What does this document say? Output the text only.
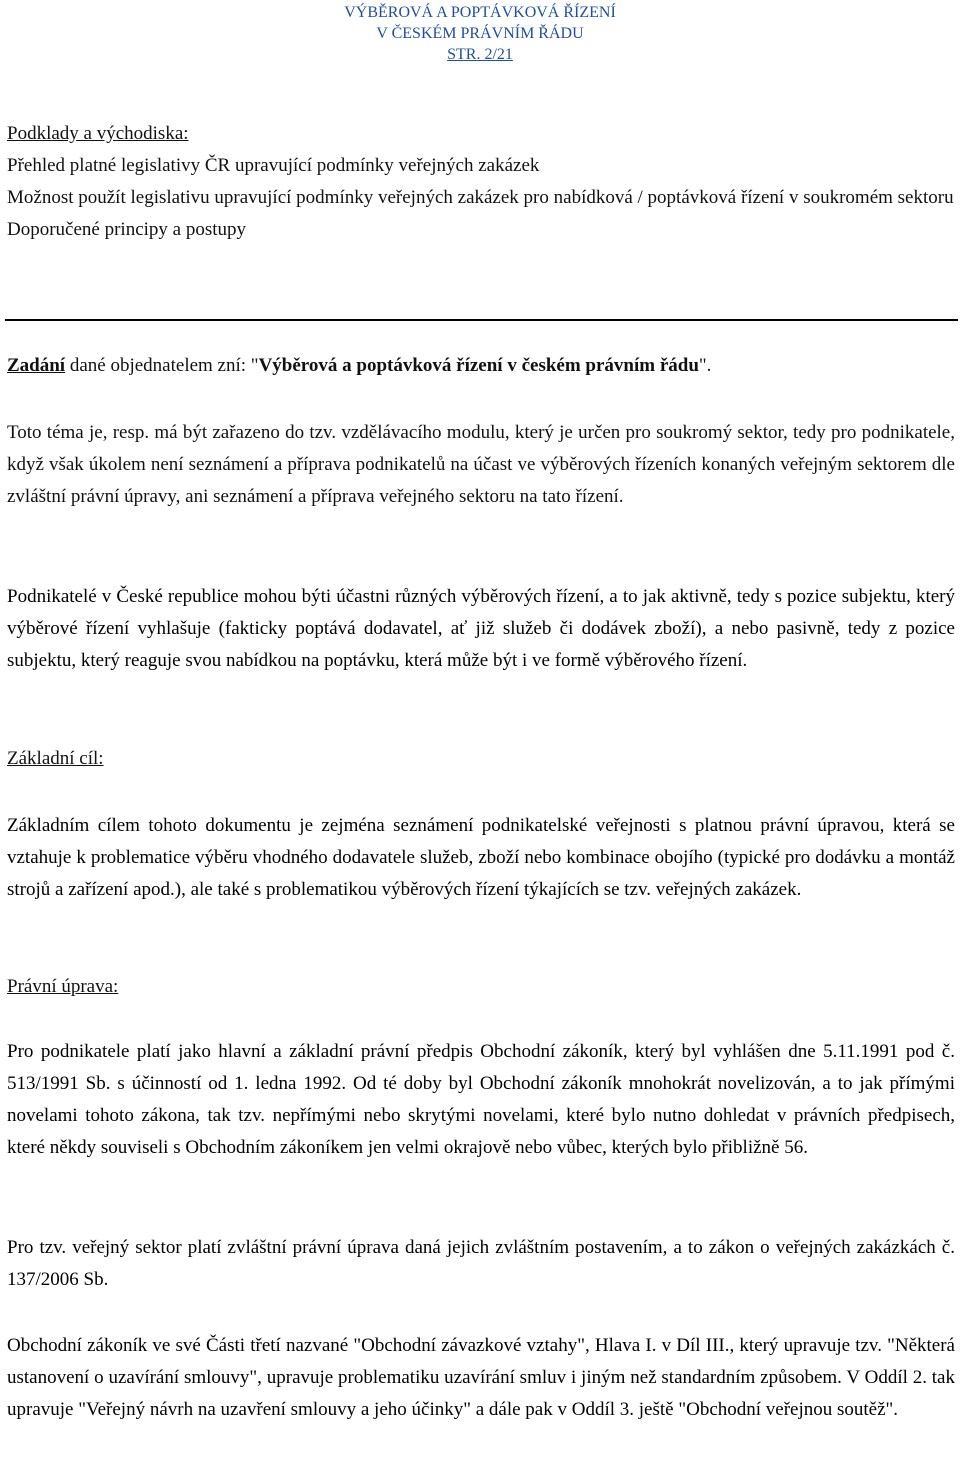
VÝBĚROVÁ A POPTÁVKOVÁ ŘÍZENÍ
V ČESKÉM PRÁVNÍM ŘÁDU
STR. 2/21
Podklady a východiska:
Přehled platné legislativy ČR upravující podmínky veřejných zakázek
Možnost použít legislativu upravující podmínky veřejných zakázek pro nabídková / poptávková řízení v soukromém sektoru
Doporučené principy a postupy
Zadání dané objednatelem zní: "Výběrová a poptávková řízení v českém právním řádu".

Toto téma je, resp. má být zařazeno do tzv. vzdělávacího modulu, který je určen pro soukromý sektor, tedy pro podnikatele, když však úkolem není seznámení a příprava podnikatelů na účast ve výběrových řízeních konaných veřejným sektorem dle zvláštní právní úpravy, ani seznámení a příprava veřejného sektoru na tato řízení.

Podnikatelé v České republice mohou býti účastni různých výběrových řízení, a to jak aktivně, tedy s pozice subjektu, který výběrové řízení vyhlašuje (fakticky poptává dodavatel, ať již služeb či dodávek zboží), a nebo pasivně, tedy z pozice subjektu, který reaguje svou nabídkou na poptávku, která může být i ve formě výběrového řízení.

Základní cíl:

Základním cílem tohoto dokumentu je zejména seznámení podnikatelské veřejnosti s platnou právní úpravou, která se vztahuje k problematice výběru vhodného dodavatele služeb, zboží nebo kombinace obojího (typické pro dodávku a montáž strojů a zařízení apod.), ale také s problematikou výběrových řízení týkajících se tzv. veřejných zakázek.

Právní úprava:

Pro podnikatele platí jako hlavní a základní právní předpis Obchodní zákoník, který byl vyhlášen dne 5.11.1991 pod č. 513/1991 Sb. s účinností od 1. ledna 1992. Od té doby byl Obchodní zákoník mnohokrát novelizován, a to jak přímými novelami tohoto zákona, tak tzv. nepřímými nebo skrytými novelami, které bylo nutno dohledat v právních předpisech, které někdy souviseli s Obchodním zákoníkem jen velmi okrajově nebo vůbec, kterých bylo přibližně 56.

Pro tzv. veřejný sektor platí zvláštní právní úprava daná jejich zvláštním postavením, a to zákon o veřejných zakázkách č. 137/2006 Sb.

Obchodní zákoník ve své Části třetí nazvané "Obchodní závazkové vztahy", Hlava I. v Díl III., který upravuje tzv. "Některá ustanovení o uzavírání smlouvy", upravuje problematiku uzavírání smluv i jiným než standardním způsobem. V Oddíl 2. tak upravuje "Veřejný návrh na uzavření smlouvy a jeho účinky" a dále pak v Oddíl 3. ještě "Obchodní veřejnou soutěž".
